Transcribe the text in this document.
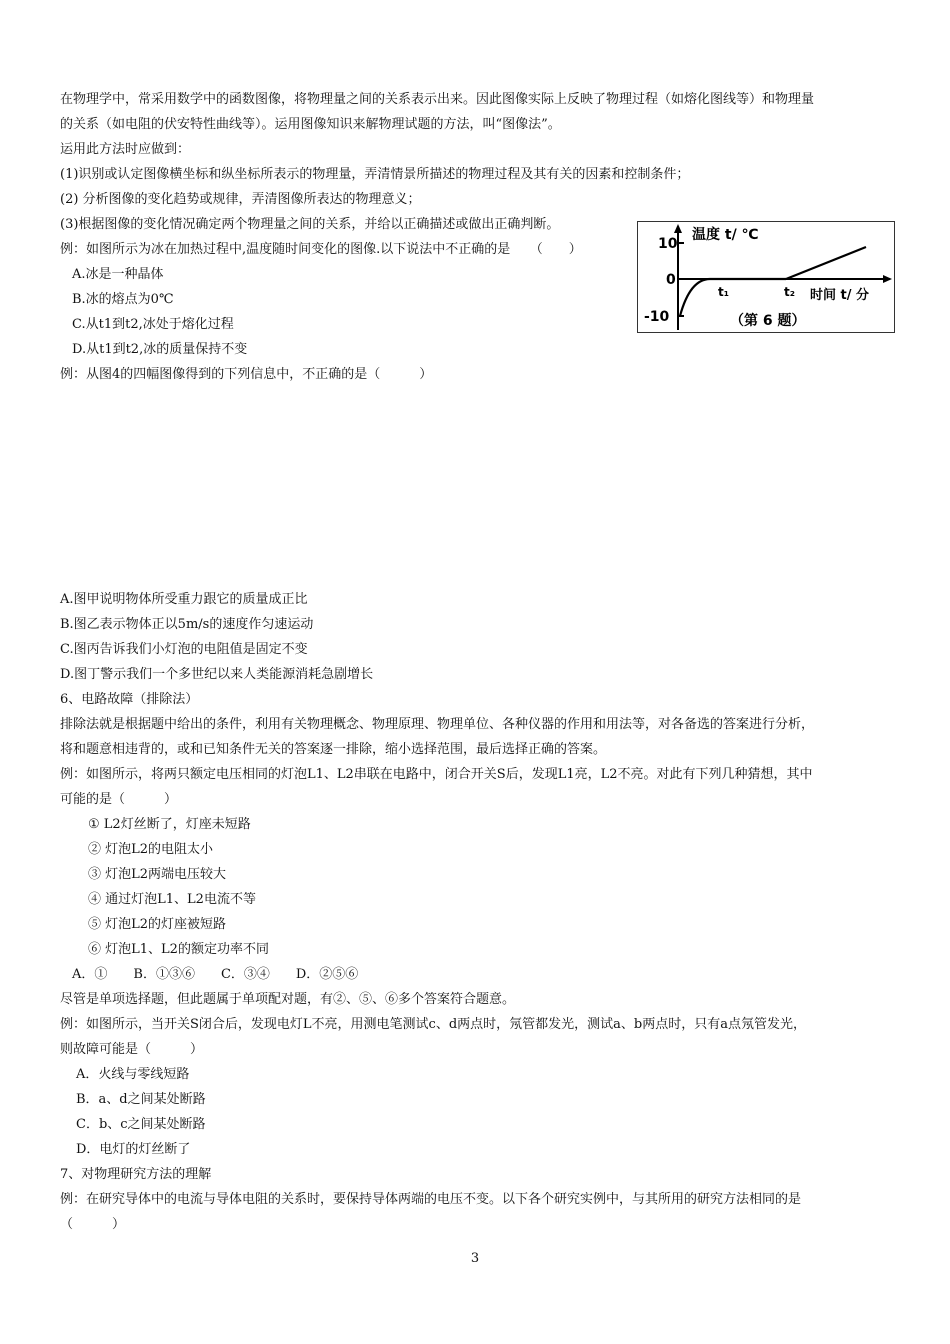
在物理学中，常采用数学中的函数图像，将物理量之间的关系表示出来。因此图像实际上反映了物理过程（如熔化图线等）和物理量
的关系（如电阻的伏安特性曲线等）。运用图像知识来解物理试题的方法，叫“图像法”。
运用此方法时应做到：
(1)识别或认定图像横坐标和纵坐标所表示的物理量，弄清情景所描述的物理过程及其有关的因素和控制条件；
(2) 分析图像的变化趋势或规律，弄清图像所表达的物理意义；
(3)根据图像的变化情况确定两个物理量之间的关系，并给以正确描述或做出正确判断。
例：如图所示为冰在加热过程中,温度随时间变化的图像.以下说法中不正确的是　　（　　）
A.冰是一种晶体
B.冰的熔点为0℃
C.从t1到t2,冰处于熔化过程
D.从t1到t2,冰的质量保持不变
10
0
-10
温度 t/ ℃
时间 t/ 分
t₁	t₂
（第 6 题）
例：从图4的四幅图像得到的下列信息中，不正确的是（　　　）
A.图甲说明物体所受重力跟它的质量成正比
B.图乙表示物体正以5m/s的速度作匀速运动
C.图丙告诉我们小灯泡的电阻值是固定不变
D.图丁警示我们一个多世纪以来人类能源消耗急剧增长
6、电路故障（排除法）
排除法就是根据题中给出的条件，利用有关物理概念、物理原理、物理单位、各种仪器的作用和用法等，对各备选的答案进行分析，
将和题意相违背的，或和已知条件无关的答案逐一排除，缩小选择范围，最后选择正确的答案。
例：如图所示，将两只额定电压相同的灯泡L1、L2串联在电路中，闭合开关S后，发现L1亮，L2不亮。对此有下列几种猜想，其中
可能的是（　　　）
① L2灯丝断了，灯座未短路
② 灯泡L2的电阻太小
③ 灯泡L2两端电压较大
④ 通过灯泡L1、L2电流不等
⑤ 灯泡L2的灯座被短路
⑥ 灯泡L1、L2的额定功率不同
A．①　　B．①③⑥　　C．③④　　D．②⑤⑥
尽管是单项选择题，但此题属于单项配对题，有②、⑤、⑥多个答案符合题意。
例：如图所示，当开关S闭合后，发现电灯L不亮，用测电笔测试c、d两点时，氖管都发光，测试a、b两点时，只有a点氖管发光，
则故障可能是（　　　）
A．火线与零线短路
B．a、d之间某处断路
C．b、c之间某处断路
D．电灯的灯丝断了
7、对物理研究方法的理解
例：在研究导体中的电流与导体电阻的关系时，要保持导体两端的电压不变。以下各个研究实例中，与其所用的研究方法相同的是
（　　　）
3
